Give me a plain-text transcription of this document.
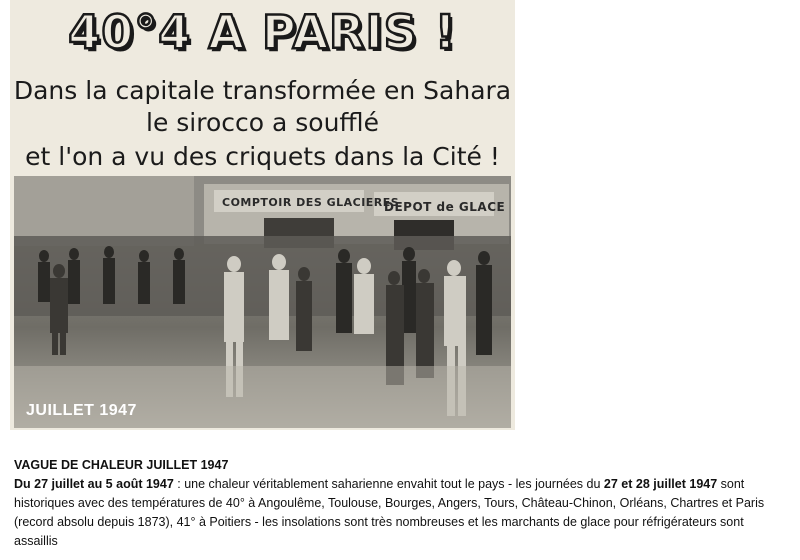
40°4 A PARIS !
Dans la capitale transformée en Sahara
le sirocco a soufflé
et l'on a vu des criquets dans la Cité !
COMPTOIR DES GLACIERES
DEPOT de GLACE
JUILLET 1947
VAGUE DE CHALEUR JUILLET 1947
Du 27 juillet au 5 août 1947 : une chaleur véritablement saharienne envahit tout le pays - les journées du 27 et 28 juillet 1947 sont historiques avec des températures de 40° à Angoulême, Toulouse, Bourges, Angers, Tours, Château-Chinon, Orléans, Chartres et Paris (record absolu depuis 1873), 41° à Poitiers - les insolations sont très nombreuses et les marchants de glace pour réfrigérateurs sont assaillis
